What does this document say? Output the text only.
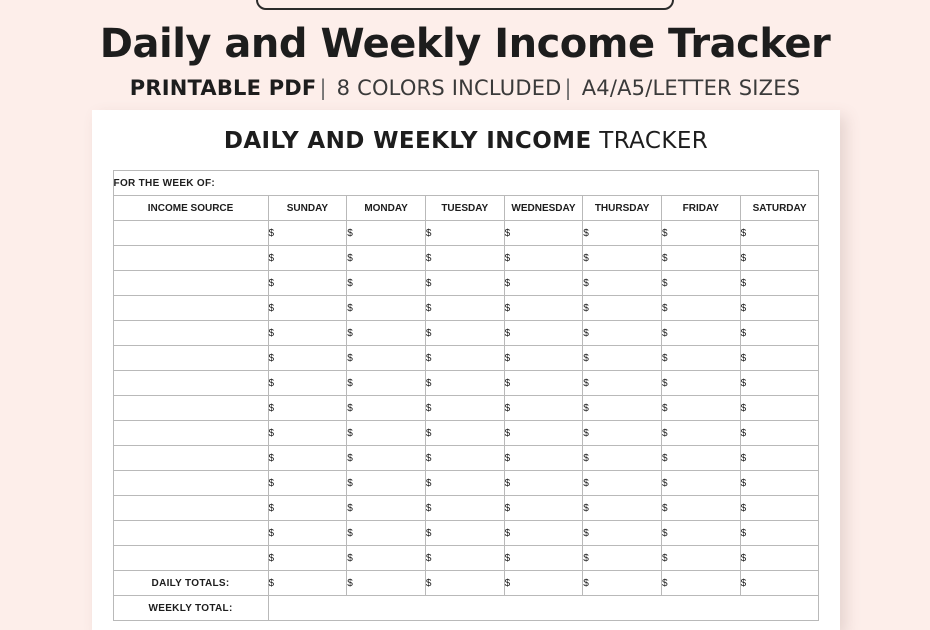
Daily and Weekly Income Tracker
PRINTABLE PDF | 8 COLORS INCLUDED | A4/A5/LETTER SIZES
DAILY AND WEEKLY INCOME TRACKER
FOR THE WEEK OF:							
INCOME SOURCE	SUNDAY	MONDAY	TUESDAY	WEDNESDAY	THURSDAY	FRIDAY	SATURDAY
	$	$	$	$	$	$	$
	$	$	$	$	$	$	$
	$	$	$	$	$	$	$
	$	$	$	$	$	$	$
	$	$	$	$	$	$	$
	$	$	$	$	$	$	$
	$	$	$	$	$	$	$
	$	$	$	$	$	$	$
	$	$	$	$	$	$	$
	$	$	$	$	$	$	$
	$	$	$	$	$	$	$
	$	$	$	$	$	$	$
	$	$	$	$	$	$	$
	$	$	$	$	$	$	$
DAILY TOTALS:	$	$	$	$	$	$	$
WEEKLY TOTAL:							
